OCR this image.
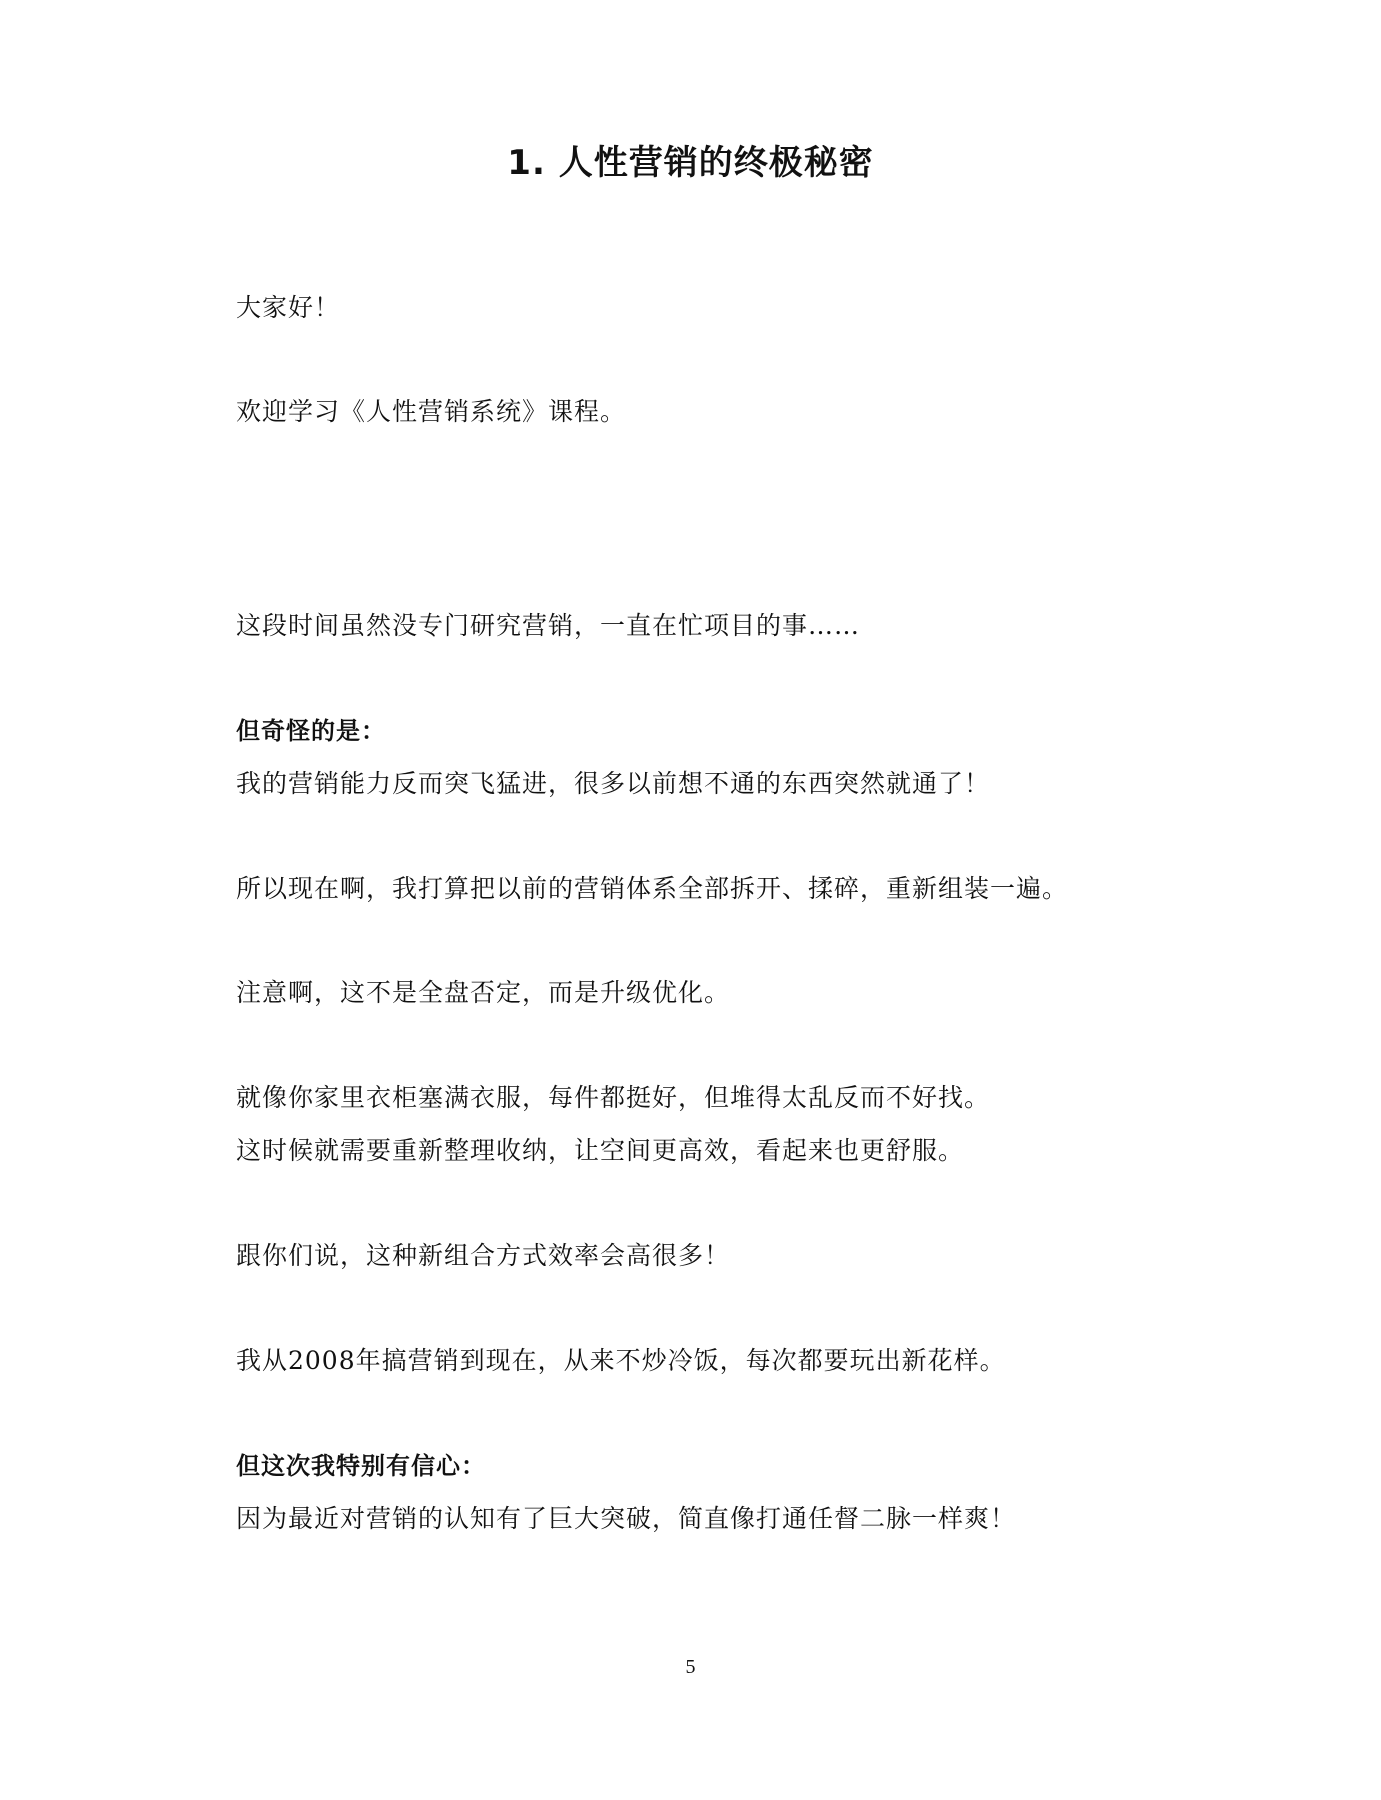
1. 人性营销的终极秘密

大家好！

欢迎学习《人性营销系统》课程。

这段时间虽然没专门研究营销，一直在忙项目的事……

但奇怪的是：

我的营销能力反而突飞猛进，很多以前想不通的东西突然就通了！

所以现在啊，我打算把以前的营销体系全部拆开、揉碎，重新组装一遍。

注意啊，这不是全盘否定，而是升级优化。

就像你家里衣柜塞满衣服，每件都挺好，但堆得太乱反而不好找。

这时候就需要重新整理收纳，让空间更高效，看起来也更舒服。

跟你们说，这种新组合方式效率会高很多！

我从2008年搞营销到现在，从来不炒冷饭，每次都要玩出新花样。

但这次我特别有信心：

因为最近对营销的认知有了巨大突破，简直像打通任督二脉一样爽！

5
